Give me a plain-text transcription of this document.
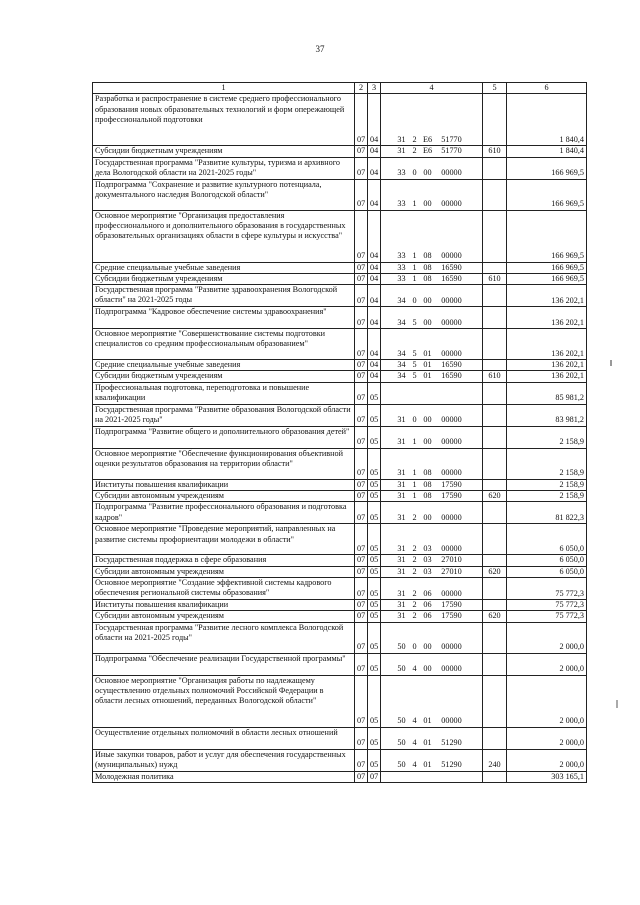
37
1	2	3	4	5	6
Разработка и распространение в системе среднего профессионального образования новых образовательных технологий и форм опережающей профессиональной подготовки	07	04	31 2 Е6 51770		1 840,4
Субсидии бюджетным учреждениям	07	04	31 2 Е6 51770	610	1 840,4
Государственная программа "Развитие культуры, туризма и архивного дела Вологодской области на 2021-2025 годы"	07	04	33 0 00 00000		166 969,5
Подпрограмма "Сохранение и развитие культурного потенциала, документального наследия Вологодской области"	07	04	33 1 00 00000		166 969,5
Основное мероприятие "Организация предоставления профессионального и дополнительного образования в государственных образовательных организациях области в сфере культуры и искусства"	07	04	33 1 08 00000		166 969,5
Средние специальные учебные заведения	07	04	33 1 08 16590		166 969,5
Субсидии бюджетным учреждениям	07	04	33 1 08 16590	610	166 969,5
Государственная программа "Развитие здравоохранения Вологодской области" на 2021-2025 годы	07	04	34 0 00 00000		136 202,1
Подпрограмма "Кадровое обеспечение системы здравоохранения"	07	04	34 5 00 00000		136 202,1
Основное мероприятие "Совершенствование системы подготовки специалистов со средним профессиональным образованием"	07	04	34 5 01 00000		136 202,1
Средние специальные учебные заведения	07	04	34 5 01 16590		136 202,1
Субсидии бюджетным учреждениям	07	04	34 5 01 16590	610	136 202,1
Профессиональная подготовка, переподготовка и повышение квалификации	07	05			85 981,2
Государственная программа "Развитие образования Вологодской области на 2021-2025 годы"	07	05	31 0 00 00000		83 981,2
Подпрограмма "Развитие общего и дополнительного образования детей"	07	05	31 1 00 00000		2 158,9
Основное мероприятие "Обеспечение функционирования объективной оценки результатов образования на территории области"	07	05	31 1 08 00000		2 158,9
Институты повышения квалификации	07	05	31 1 08 17590		2 158,9
Субсидии автономным учреждениям	07	05	31 1 08 17590	620	2 158,9
Подпрограмма "Развитие профессионального образования и подготовка кадров"	07	05	31 2 00 00000		81 822,3
Основное мероприятие "Проведение мероприятий, направленных на развитие системы профориентации молодежи в области"	07	05	31 2 03 00000		6 050,0
Государственная поддержка в сфере образования	07	05	31 2 03 27010		6 050,0
Субсидии автономным учреждениям	07	05	31 2 03 27010	620	6 050,0
Основное мероприятие "Создание эффективной системы кадрового обеспечения региональной системы образования"	07	05	31 2 06 00000		75 772,3
Институты повышения квалификации	07	05	31 2 06 17590		75 772,3
Субсидии автономным учреждениям	07	05	31 2 06 17590	620	75 772,3
Государственная программа "Развитие лесного комплекса Вологодской области на 2021-2025 годы"	07	05	50 0 00 00000		2 000,0
Подпрограмма "Обеспечение реализации Государственной программы"	07	05	50 4 00 00000		2 000,0
Основное мероприятие "Организация работы по надлежащему осуществлению отдельных полномочий Российской Федерации в области лесных отношений, переданных Вологодской области"	07	05	50 4 01 00000		2 000,0
Осуществление отдельных полномочий в области лесных отношений	07	05	50 4 01 51290		2 000,0
Иные закупки товаров, работ и услуг для обеспечения государственных (муниципальных) нужд	07	05	50 4 01 51290	240	2 000,0
Молодежная политика	07	07			303 165,1
